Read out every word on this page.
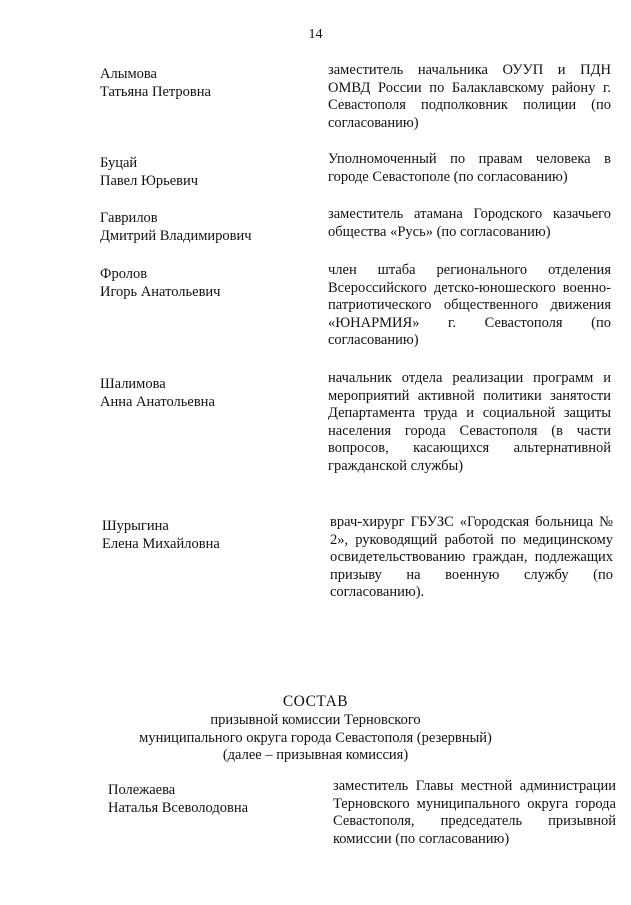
14
Алымова
Татьяна Петровна
заместитель начальника ОУУП и ПДН ОМВД России по Балаклавскому району г. Севастополя подполковник полиции (по согласованию)
Буцай
Павел Юрьевич
Уполномоченный по правам человека в городе Севастополе (по согласованию)
Гаврилов
Дмитрий Владимирович
заместитель атамана Городского казачьего общества «Русь» (по согласованию)
Фролов
Игорь Анатольевич
член штаба регионального отделения Всероссийского детско-юношеского военно-патриотического общественного движения «ЮНАРМИЯ» г. Севастополя (по согласованию)
Шалимова
Анна Анатольевна
начальник отдела реализации программ и мероприятий активной политики занятости Департамента труда и социальной защиты населения города Севастополя (в части вопросов, касающихся альтернативной гражданской службы)
Шурыгина
Елена Михайловна
врач-хирург ГБУЗС «Городская больница № 2», руководящий работой по медицинскому освидетельствованию граждан, подлежащих призыву на военную службу (по согласованию).
СОСТАВ
призывной комиссии Терновского
муниципального округа города Севастополя (резервный)
(далее – призывная комиссия)
Полежаева
Наталья Всеволодовна
заместитель Главы местной администрации Терновского муниципального округа города Севастополя, председатель призывной комиссии (по согласованию)
